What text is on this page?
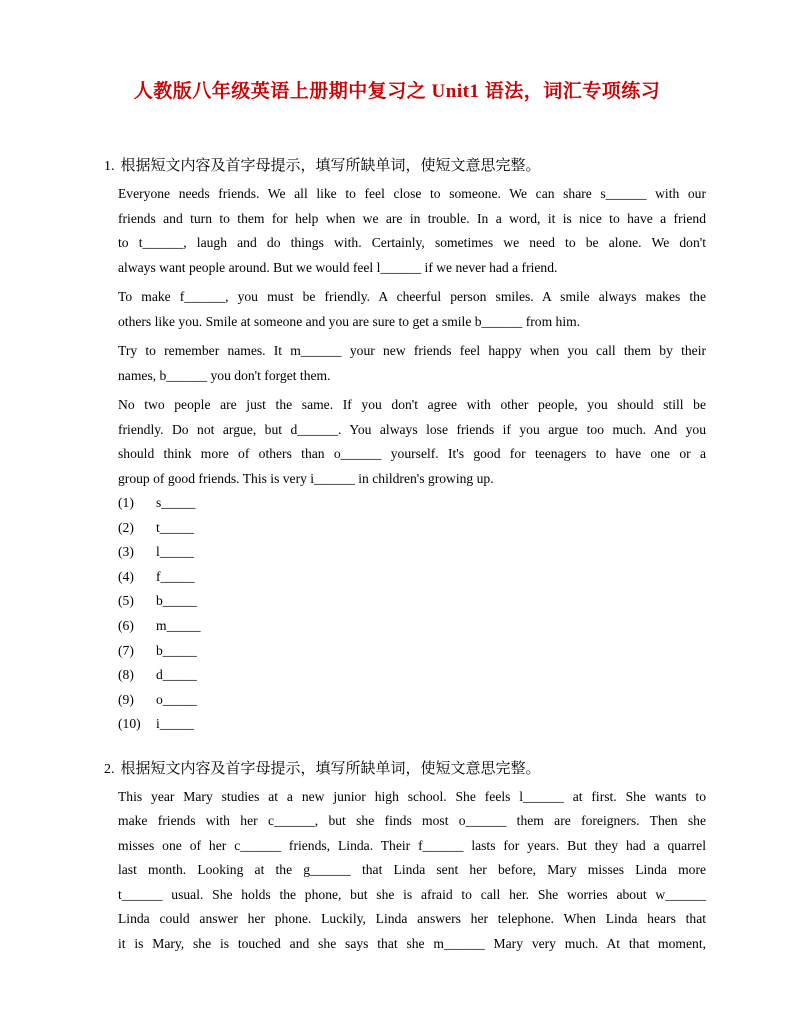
人教版八年级英语上册期中复习之 Unit1 语法，词汇专项练习
1. 根据短文内容及首字母提示，填写所缺单词，使短文意思完整。
Everyone needs friends. We all like to feel close to someone. We can share s______ with our
friends and turn to them for help when we are in trouble. In a word, it is nice to have a friend
to t______, laugh and do things with. Certainly, sometimes we need to be alone. We don't
always want people around. But we would feel l______ if we never had a friend.
To make f______, you must be friendly. A cheerful person smiles. A smile always makes the
others like you. Smile at someone and you are sure to get a smile b______ from him.
Try to remember names. It m______ your new friends feel happy when you call them by their
names, b______ you don't forget them.
No two people are just the same. If you don't agree with other people, you should still be
friendly. Do not argue, but d______. You always lose friends if you argue too much. And you
should think more of others than o______ yourself. It's good for teenagers to have one or a
group of good friends. This is very i______ in children's growing up.
(1) s_____
(2) t_____
(3) l_____
(4) f_____
(5) b_____
(6) m_____
(7) b_____
(8) d_____
(9) o_____
(10) i_____
2. 根据短文内容及首字母提示，填写所缺单词，使短文意思完整。
This year Mary studies at a new junior high school. She feels l______ at first. She wants to
make friends with her c______, but she finds most o______ them are foreigners. Then she
misses one of her c______ friends, Linda. Their f______ lasts for years. But they had a quarrel
last month. Looking at the g______ that Linda sent her before, Mary misses Linda more
t______ usual. She holds the phone, but she is afraid to call her. She worries about w______
Linda could answer her phone. Luckily, Linda answers her telephone. When Linda hears that
it is Mary, she is touched and she says that she m______ Mary very much. At that moment,
